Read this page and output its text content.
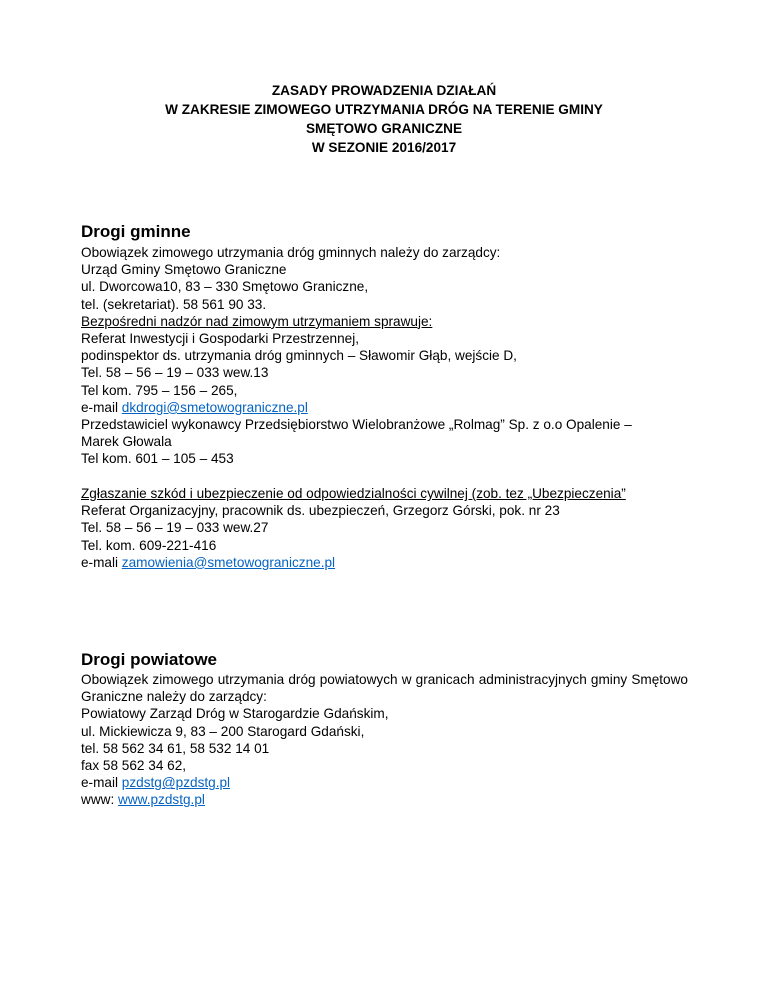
ZASADY PROWADZENIA DZIAŁAŃ
W ZAKRESIE ZIMOWEGO UTRZYMANIA DRÓG NA TERENIE GMINY
SMĘTOWO GRANICZNE
W SEZONIE 2016/2017
Drogi gminne
Obowiązek zimowego utrzymania dróg gminnych należy do zarządcy:
Urząd Gminy Smętowo Graniczne
ul. Dworcowa10, 83 – 330 Smętowo Graniczne,
tel. (sekretariat). 58 561 90 33.
Bezpośredni nadzór nad zimowym utrzymaniem sprawuje:
Referat Inwestycji i Gospodarki Przestrzennej,
podinspektor ds. utrzymania dróg gminnych – Sławomir Głąb, wejście D,
Tel. 58 – 56 – 19 – 033 wew.13
Tel kom. 795 – 156 – 265,
e-mail dkdrogi@smetowograniczne.pl
Przedstawiciel wykonawcy Przedsiębiorstwo Wielobranżowe „Rolmag” Sp. z o.o Opalenie –
Marek Głowala
Tel kom. 601 – 105 – 453
Zgłaszanie szkód i ubezpieczenie od odpowiedzialności cywilnej (zob. tez „Ubezpieczenia”
Referat Organizacyjny, pracownik ds. ubezpieczeń, Grzegorz Górski, pok. nr 23
Tel. 58 – 56 – 19 – 033 wew.27
Tel. kom. 609-221-416
e-mali zamowienia@smetowograniczne.pl
Drogi powiatowe
Obowiązek zimowego utrzymania dróg powiatowych w granicach administracyjnych gminy Smętowo Graniczne należy do zarządcy:
Powiatowy Zarząd Dróg w Starogardzie Gdańskim,
ul. Mickiewicza 9, 83 – 200 Starogard Gdański,
tel. 58 562 34 61, 58 532 14 01
fax 58 562 34 62,
e-mail pzdstg@pzdstg.pl
www: www.pzdstg.pl
